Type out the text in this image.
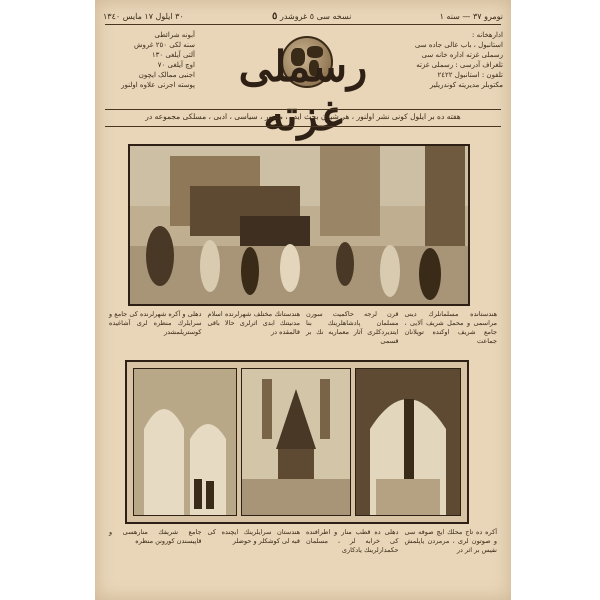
نومرو ٣٧ — سنه ١
نسخه سی ٥ غروشدر ٥
٣٠ ایلول ١٧ مایس ١٣٤٠
ادارهخانه :
استانبول ، باب عالی جاده سی
رسملی غزته اداره خانه سی
تلغراف آدرسی : رسملی غزته
تلفون : استانبول ٢٤٢٢
مکتوبلر مدیریته کوندریلیر
رسملی غزته
آبونه شرائطی
سنه لکی ٢٥٠ غروش
آلتی آیلغی ١٣٠
اوچ آیلغی ٧٠
اجنبی ممالک ایچون
پوسته اجرتی علاوه اولنور
هفته ده بر ایلول کونی نشر اولنور ، هر شیدن بحث ایدر ، مصور ، سیاسی ، ادبی ، مسلکی مجموعه در
هندستانده مسلمانلرك دینی مراسمی و محمل شریف آلایی ، جامع شریف اوکنده توپلانان جماعت
قرن لرجه حاکمیت سورن مسلمان پادشاهلرینك بنا ایتدیردکلری آثار معماریه نك بر قسمی
هندستانك مختلف شهرلرنده اسلام مدنیتنك ابدی اثرلری حالا باقی قالمقده در
دهلی و آکره شهرلرنده کی جامع و سرایلرك منظره لری آشاغیده کوستریلمشدر
آکره ده تاج محلك ایچ صوفه سی و صوتون لری ، مرمردن یاپلمش نفیس بر اثر در
دهلی ده قطب منار و اطرافنده کی خرابه لر ، مسلمان حکمدارلرینك یادکاری
هندستان سرایلرینك ایچنده کی قبه لی کوشکلر و حوضلر
جامع شریفك منارهسی و قاپیسندن کورونن منظره
